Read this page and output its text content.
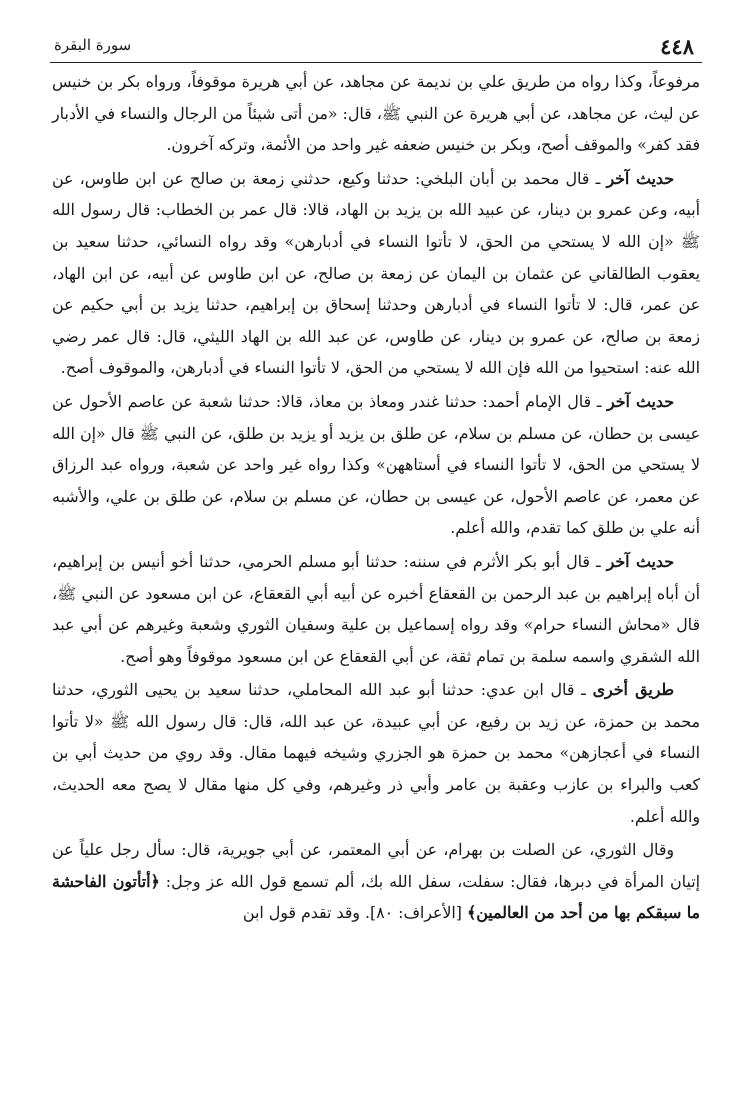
٤٤٨
سورة البقرة

مرفوعاً، وكذا رواه من طريق علي بن نديمة عن مجاهد، عن أبي هريرة موقوفاً، ورواه بكر بن خنيس عن ليث، عن مجاهد، عن أبي هريرة عن النبي ﷺ، قال: «من أتى شيئاً من الرجال والنساء في الأدبار فقد كفر» والموقف أصح، وبكر بن خنيس ضعفه غير واحد من الأئمة، وتركه آخرون.

حديث آخر ـ قال محمد بن أبان البلخي: حدثنا وكيع، حدثني زمعة بن صالح عن ابن طاوس، عن أبيه، وعن عمرو بن دينار، عن عبيد الله بن يزيد بن الهاد، قالا: قال عمر بن الخطاب: قال رسول الله ﷺ «إن الله لا يستحي من الحق، لا تأتوا النساء في أدبارهن» وقد رواه النسائي، حدثنا سعيد بن يعقوب الطالقاني عن عثمان بن اليمان عن زمعة بن صالح، عن ابن طاوس عن أبيه، عن ابن الهاد، عن عمر، قال: لا تأتوا النساء في أدبارهن وحدثنا إسحاق بن إبراهيم، حدثنا يزيد بن أبي حكيم عن زمعة بن صالح، عن عمرو بن دينار، عن طاوس، عن عبد الله بن الهاد الليثي، قال: قال عمر رضي الله عنه: استحيوا من الله فإن الله لا يستحي من الحق، لا تأتوا النساء في أدبارهن، والموقوف أصح.

حديث آخر ـ قال الإمام أحمد: حدثنا غندر ومعاذ بن معاذ، قالا: حدثنا شعبة عن عاصم الأحول عن عيسى بن حطان، عن مسلم بن سلام، عن طلق بن يزيد أو يزيد بن طلق، عن النبي ﷺ قال «إن الله لا يستحي من الحق، لا تأتوا النساء في أستاههن» وكذا رواه غير واحد عن شعبة، ورواه عبد الرزاق عن معمر، عن عاصم الأحول، عن عيسى بن حطان، عن مسلم بن سلام، عن طلق بن علي، والأشبه أنه علي بن طلق كما تقدم، والله أعلم.

حديث آخر ـ قال أبو بكر الأثرم في سننه: حدثنا أبو مسلم الحرمي، حدثنا أخو أنيس بن إبراهيم، أن أباه إبراهيم بن عبد الرحمن بن القعقاع أخبره عن أبيه أبي القعقاع، عن ابن مسعود عن النبي ﷺ، قال «محاش النساء حرام» وقد رواه إسماعيل بن علية وسفيان الثوري وشعبة وغيرهم عن أبي عبد الله الشقري واسمه سلمة بن تمام ثقة، عن أبي القعقاع عن ابن مسعود موقوفاً وهو أصح.

طريق أخرى ـ قال ابن عدي: حدثنا أبو عبد الله المحاملي، حدثنا سعيد بن يحيى الثوري، حدثنا محمد بن حمزة، عن زيد بن رفيع، عن أبي عبيدة، عن عبد الله، قال: قال رسول الله ﷺ «لا تأتوا النساء في أعجازهن» محمد بن حمزة هو الجزري وشيخه فيهما مقال. وقد روي من حديث أبي بن كعب والبراء بن عازب وعقبة بن عامر وأبي ذر وغيرهم، وفي كل منها مقال لا يصح معه الحديث، والله أعلم.

وقال الثوري، عن الصلت بن بهرام، عن أبي المعتمر، عن أبي جويرية، قال: سأل رجل علياً عن إتيان المرأة في دبرها، فقال: سفلت، سفل الله بك، ألم تسمع قول الله عز وجل: ﴿أتأتون الفاحشة ما سبقكم بها من أحد من العالمين﴾ [الأعراف: ٨٠]. وقد تقدم قول ابن
